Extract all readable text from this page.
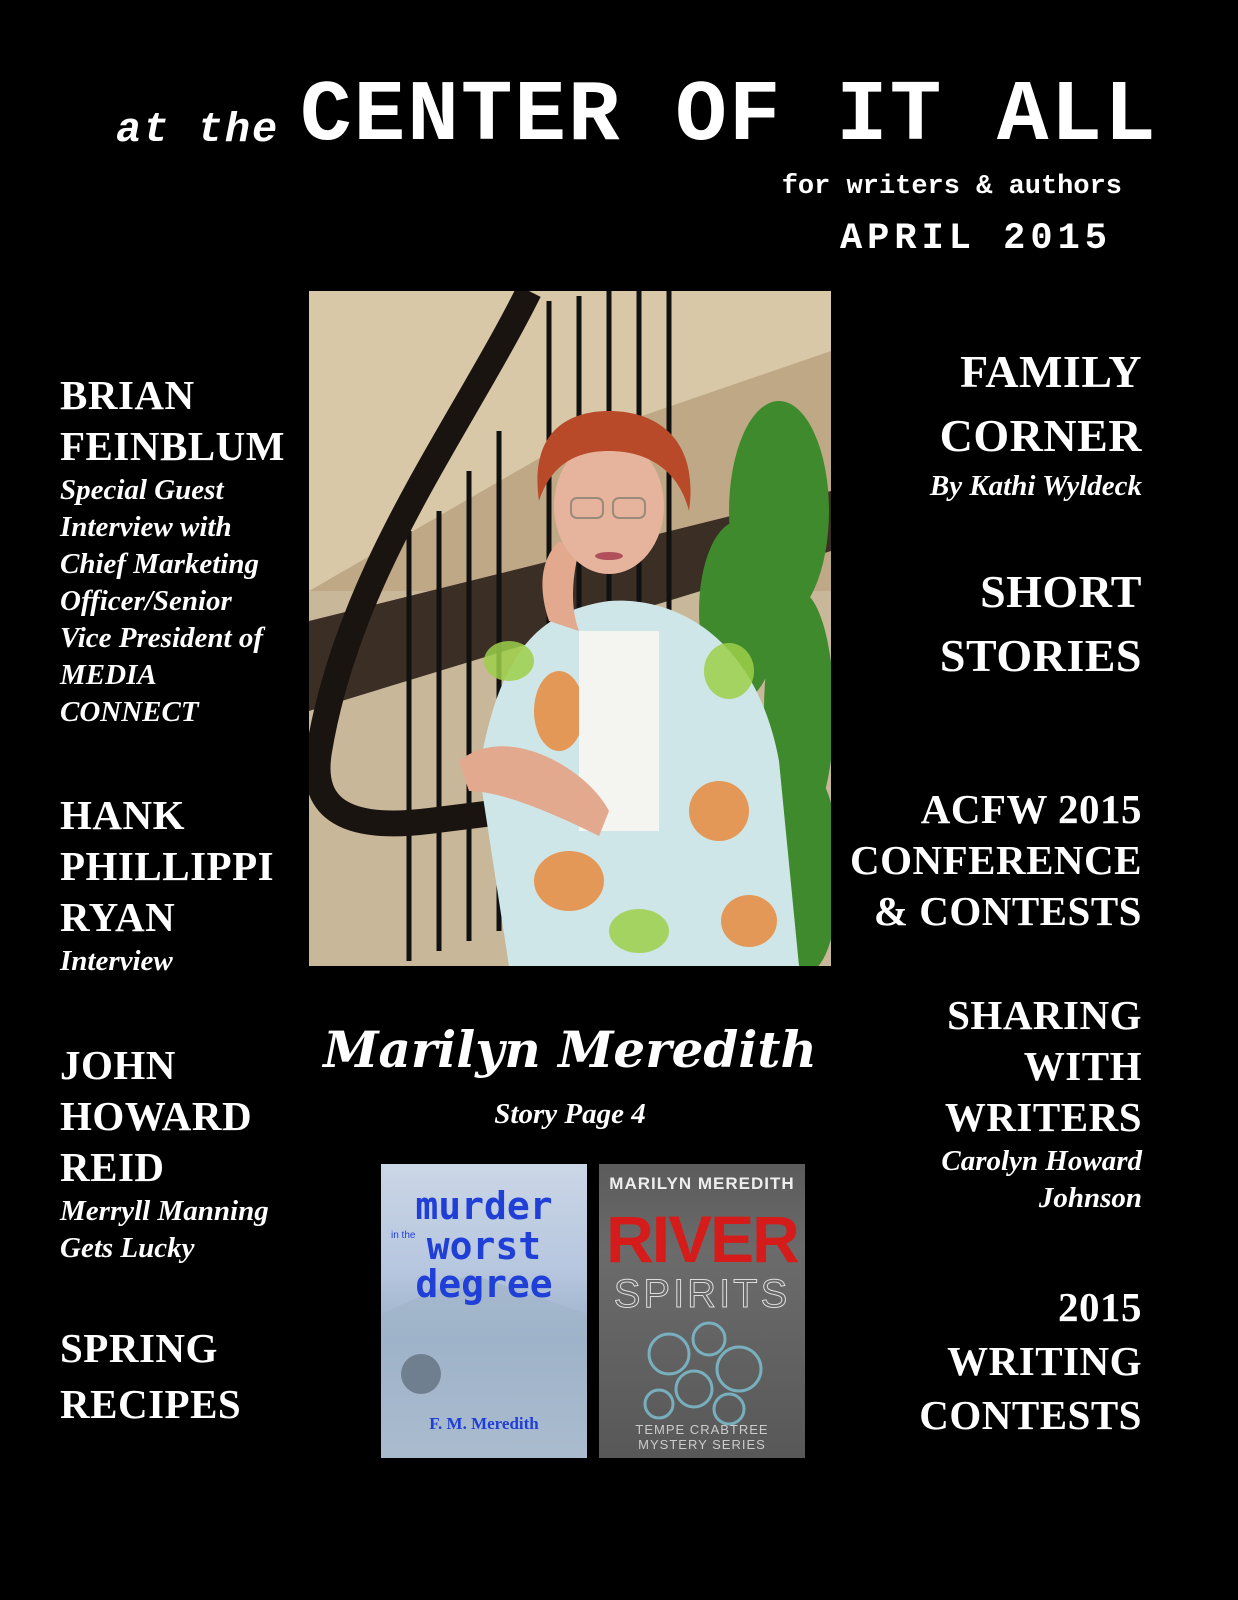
at the CENTER OF IT ALL
for writers & authors
APRIL 2015
BRIAN
FEINBLUM
Special Guest
Interview with
Chief Marketing
Officer/Senior
Vice President of
MEDIA
CONNECT
HANK
PHILLIPPI
RYAN
Interview
JOHN
HOWARD
REID
Merryll Manning
Gets Lucky
SPRING
RECIPES
FAMILY
CORNER
By Kathi Wyldeck
SHORT
STORIES
ACFW 2015
CONFERENCE
& CONTESTS
SHARING
WITH
WRITERS
Carolyn Howard
Johnson
2015
WRITING
CONTESTS
Marilyn Meredith
Story Page 4
murder
in the worst
degree
F. M. Meredith
MARILYN MEREDITH
RIVER
SPIRITS
TEMPE CRABTREE MYSTERY SERIES
